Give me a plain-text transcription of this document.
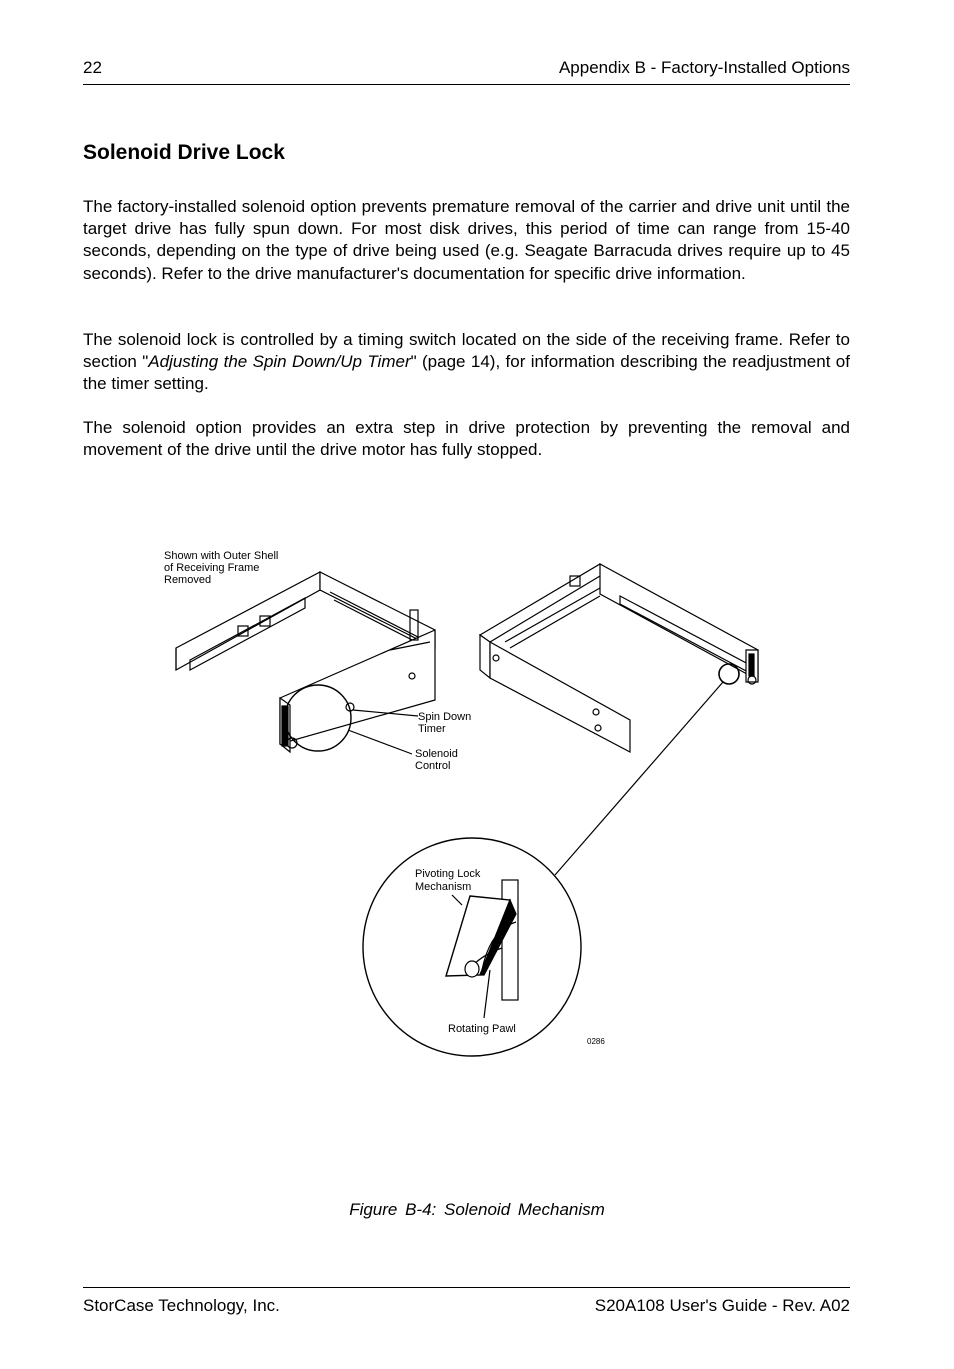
22	Appendix B - Factory-Installed Options
Solenoid Drive Lock

The factory-installed solenoid option prevents premature removal of the carrier and drive unit until the target drive has fully spun down. For most disk drives, this period of time can range from 15-40 seconds, depending on the type of drive being used (e.g. Seagate Barracuda drives require up to 45 seconds). Refer to the drive manufacturer's documentation for specific drive information.

The solenoid lock is controlled by a timing switch located on the side of the receiving frame. Refer to section "Adjusting the Spin Down/Up Timer" (page 14), for information describing the readjustment of the timer setting.

The solenoid option provides an extra step in drive protection by preventing the removal and movement of the drive until the drive motor has fully stopped.

Shown with Outer Shell
of Receiving Frame
Removed
Spin Down
Timer
Solenoid
Control
Pivoting Lock
Mechanism
Rotating Pawl
0286
Figure B-4: Solenoid Mechanism
StorCase Technology, Inc.	S20A108 User's Guide - Rev. A02
